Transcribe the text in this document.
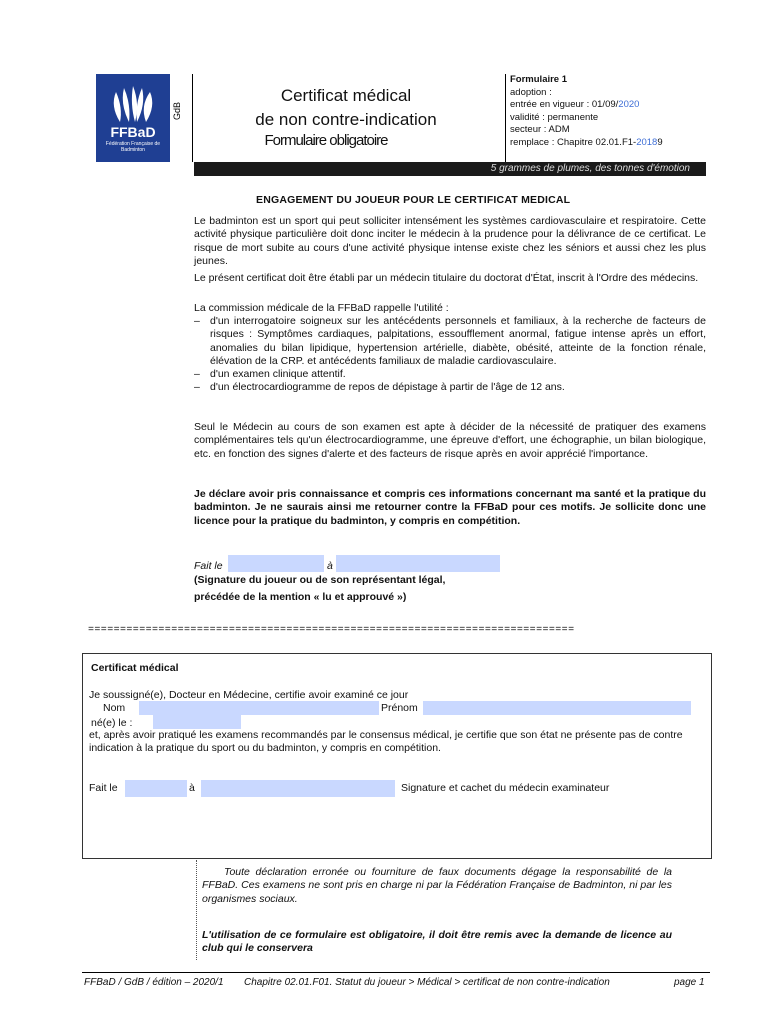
FFBaD
Fédération Française de Badminton
GdB
Certificat médical
de non contre-indication
Formulaire obligatoire
Formulaire 1
adoption :
entrée en vigueur : 01/09/2020
validité : permanente
secteur : ADM
remplace : Chapitre 02.01.F1-20189
5 grammes de plumes, des tonnes d'émotion
ENGAGEMENT DU JOUEUR POUR LE CERTIFICAT MEDICAL
Le badminton est un sport qui peut solliciter intensément les systèmes cardiovasculaire et respiratoire. Cette activité physique particulière doit donc inciter le médecin à la prudence pour la délivrance de ce certificat. Le risque de mort subite au cours d'une activité physique intense existe chez les séniors et aussi chez les plus jeunes.
Le présent certificat doit être établi par un médecin titulaire du doctorat d'État, inscrit à l'Ordre des médecins.
La commission médicale de la FFBaD rappelle l'utilité :
– d'un interrogatoire soigneux sur les antécédents personnels et familiaux, à la recherche de facteurs de risques : Symptômes cardiaques, palpitations, essoufflement anormal, fatigue intense après un effort, anomalies du bilan lipidique, hypertension artérielle, diabète, obésité, atteinte de la fonction rénale, élévation de la CRP. et antécédents familiaux de maladie cardiovasculaire.
– d'un examen clinique attentif.
– d'un électrocardiogramme de repos de dépistage à partir de l'âge de 12 ans.
Seul le Médecin au cours de son examen est apte à décider de la nécessité de pratiquer des examens complémentaires tels qu'un électrocardiogramme, une épreuve d'effort, une échographie, un bilan biologique, etc. en fonction des signes d'alerte et des facteurs de risque après en avoir apprécié l'importance.
Je déclare avoir pris connaissance et compris ces informations concernant ma santé et la pratique du badminton. Je ne saurais ainsi me retourner contre la FFBaD pour ces motifs. Je sollicite donc une licence pour la pratique du badminton, y compris en compétition.
Fait le	à
(Signature du joueur ou de son représentant légal,
précédée de la mention « lu et approuvé »)
============================================================================
Certificat médical
Je soussigné(e), Docteur en Médecine, certifie avoir examiné ce jour
Nom	Prénom
né(e) le :
et, après avoir pratiqué les examens recommandés par le consensus médical, je certifie que son état ne présente pas de contre indication à la pratique du sport ou du badminton, y compris en compétition.
Fait le	à	Signature et cachet du médecin examinateur
Toute déclaration erronée ou fourniture de faux documents dégage la responsabilité de la FFBaD. Ces examens ne sont pris en charge ni par la Fédération Française de Badminton, ni par les organismes sociaux.
L'utilisation de ce formulaire est obligatoire, il doit être remis avec la demande de licence au club qui le conservera
FFBaD / GdB / édition – 2020/1 Chapitre 02.01.F01. Statut du joueur > Médical > certificat de non contre-indication	page 1
